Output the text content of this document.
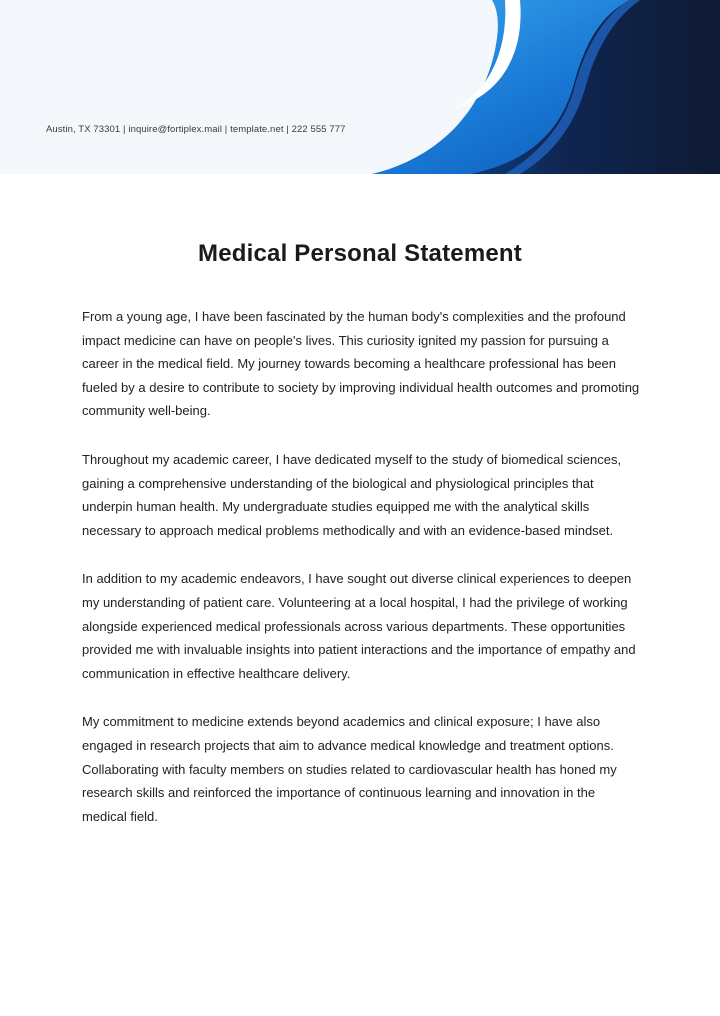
Austin, TX 73301 | inquire@fortiplex.mail | template.net | 222 555 777
Medical Personal Statement

From a young age, I have been fascinated by the human body's complexities and the profound impact medicine can have on people's lives. This curiosity ignited my passion for pursuing a career in the medical field. My journey towards becoming a healthcare professional has been fueled by a desire to contribute to society by improving individual health outcomes and promoting community well-being.

Throughout my academic career, I have dedicated myself to the study of biomedical sciences, gaining a comprehensive understanding of the biological and physiological principles that underpin human health. My undergraduate studies equipped me with the analytical skills necessary to approach medical problems methodically and with an evidence-based mindset.

In addition to my academic endeavors, I have sought out diverse clinical experiences to deepen my understanding of patient care. Volunteering at a local hospital, I had the privilege of working alongside experienced medical professionals across various departments. These opportunities provided me with invaluable insights into patient interactions and the importance of empathy and communication in effective healthcare delivery.

My commitment to medicine extends beyond academics and clinical exposure; I have also engaged in research projects that aim to advance medical knowledge and treatment options. Collaborating with faculty members on studies related to cardiovascular health has honed my research skills and reinforced the importance of continuous learning and innovation in the medical field.
